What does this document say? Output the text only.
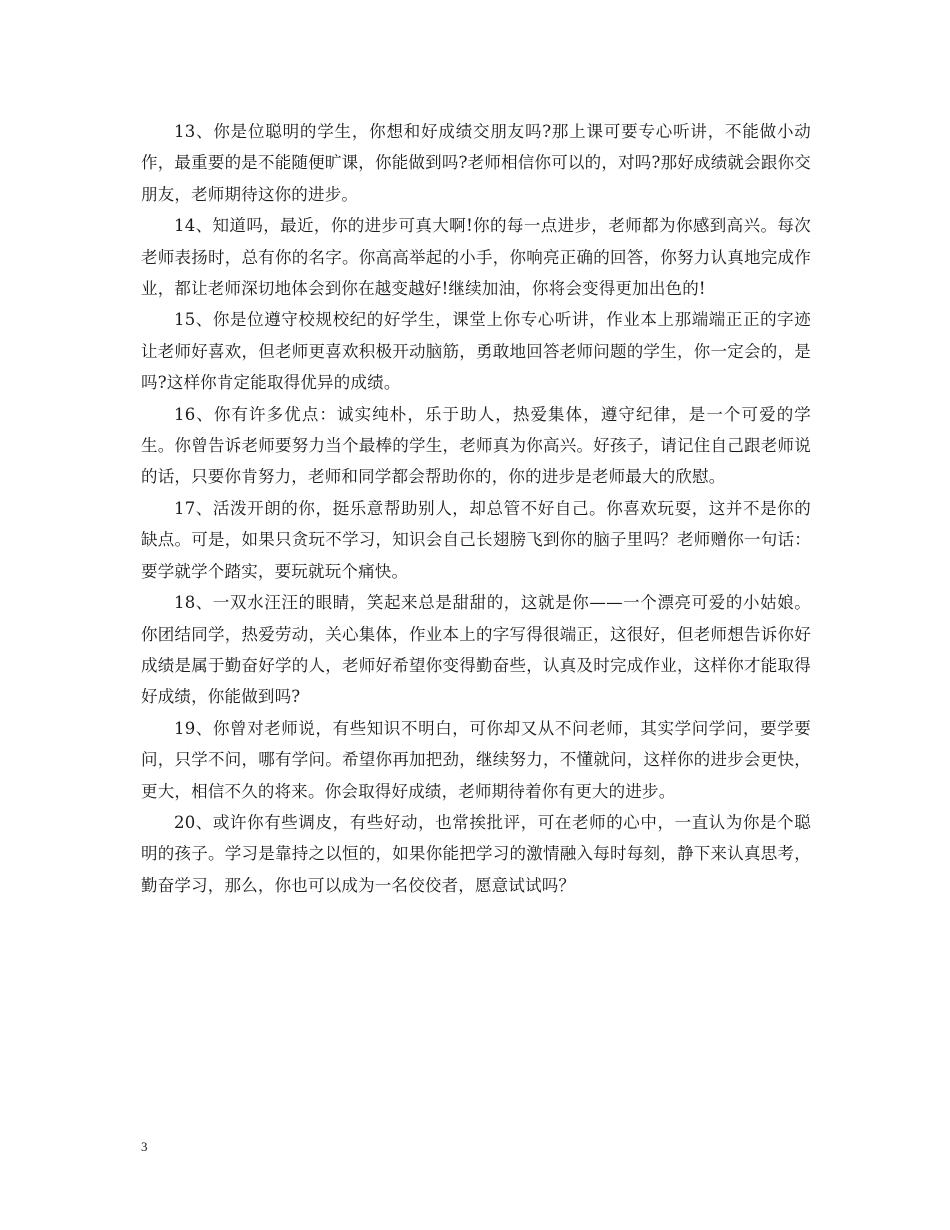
13、你是位聪明的学生，你想和好成绩交朋友吗?那上课可要专心听讲，不能做小动作，最重要的是不能随便旷课，你能做到吗?老师相信你可以的，对吗?那好成绩就会跟你交朋友，老师期待这你的进步。

14、知道吗，最近，你的进步可真大啊!你的每一点进步，老师都为你感到高兴。每次老师表扬时，总有你的名字。你高高举起的小手，你响亮正确的回答，你努力认真地完成作业，都让老师深切地体会到你在越变越好!继续加油，你将会变得更加出色的!

15、你是位遵守校规校纪的好学生，课堂上你专心听讲，作业本上那端端正正的字迹让老师好喜欢，但老师更喜欢积极开动脑筋，勇敢地回答老师问题的学生，你一定会的，是吗?这样你肯定能取得优异的成绩。

16、你有许多优点：诚实纯朴，乐于助人，热爱集体，遵守纪律，是一个可爱的学生。你曾告诉老师要努力当个最棒的学生，老师真为你高兴。好孩子，请记住自己跟老师说的话，只要你肯努力，老师和同学都会帮助你的，你的进步是老师最大的欣慰。

17、活泼开朗的你，挺乐意帮助别人，却总管不好自己。你喜欢玩耍，这并不是你的缺点。可是，如果只贪玩不学习，知识会自己长翅膀飞到你的脑子里吗？老师赠你一句话：要学就学个踏实，要玩就玩个痛快。

18、一双水汪汪的眼睛，笑起来总是甜甜的，这就是你——一个漂亮可爱的小姑娘。你团结同学，热爱劳动，关心集体，作业本上的字写得很端正，这很好，但老师想告诉你好成绩是属于勤奋好学的人，老师好希望你变得勤奋些，认真及时完成作业，这样你才能取得好成绩，你能做到吗?

19、你曾对老师说，有些知识不明白，可你却又从不问老师，其实学问学问，要学要问，只学不问，哪有学问。希望你再加把劲，继续努力，不懂就问，这样你的进步会更快，更大，相信不久的将来。你会取得好成绩，老师期待着你有更大的进步。

20、或许你有些调皮，有些好动，也常挨批评，可在老师的心中，一直认为你是个聪明的孩子。学习是靠持之以恒的，如果你能把学习的激情融入每时每刻，静下来认真思考，勤奋学习，那么，你也可以成为一名佼佼者，愿意试试吗？

3
